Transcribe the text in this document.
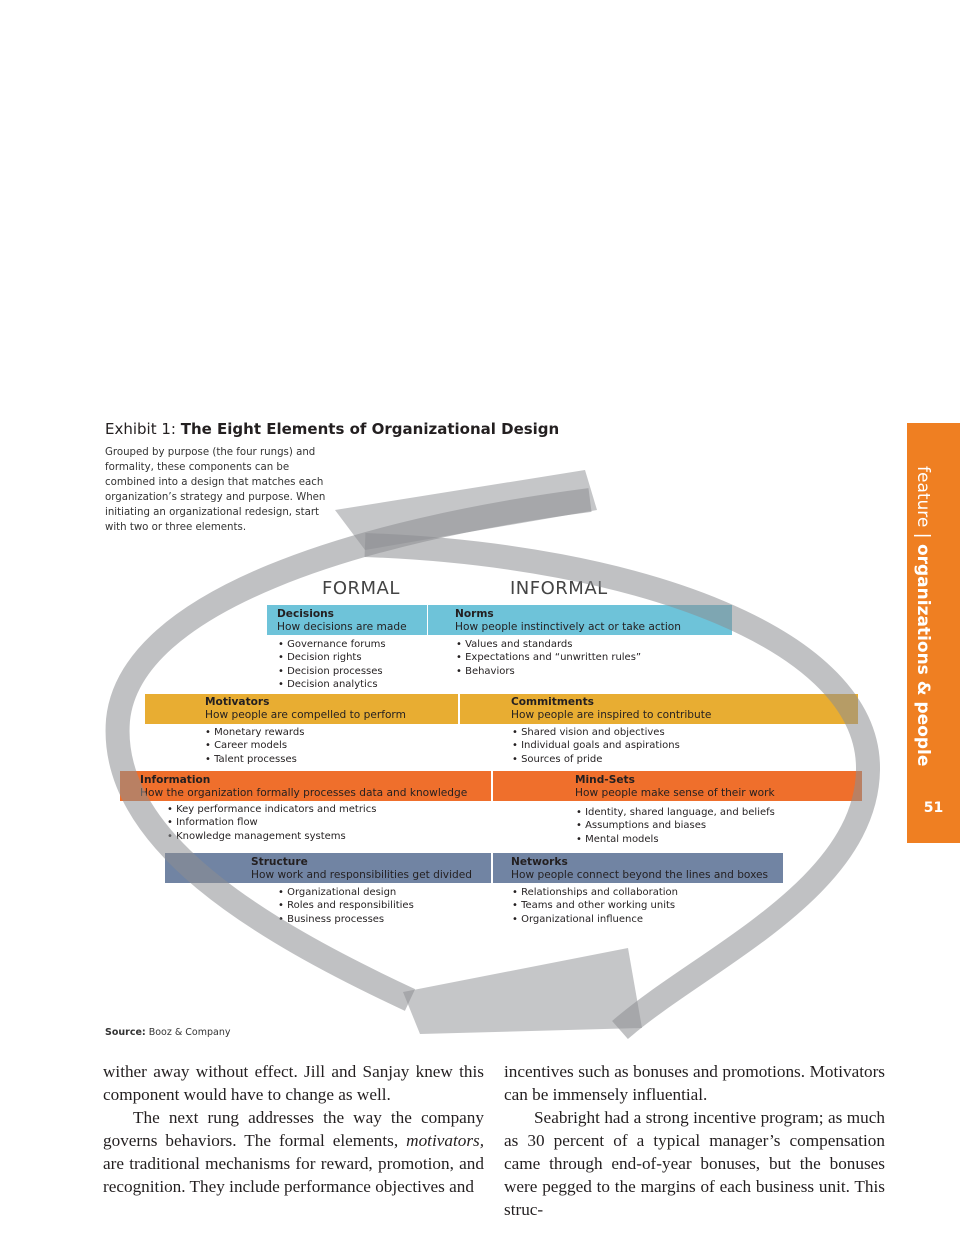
Exhibit 1: The Eight Elements of Organizational Design
Grouped by purpose (the four rungs) and formality, these components can be combined into a design that matches each organization’s strategy and purpose. When initiating an organizational redesign, start with two or three elements.
feature | organizations & people
51
FORMAL	INFORMAL
Decisions
How decisions are made
Norms
How people instinctively act or take action
Motivators
How people are compelled to perform
Commitments
How people are inspired to contribute
Information
How the organization formally processes data and knowledge
Mind-Sets
How people make sense of their work
Structure
How work and responsibilities get divided
Networks
How people connect beyond the lines and boxes
• Governance forums
• Decision rights
• Decision processes
• Decision analytics
• Values and standards
• Expectations and “unwritten rules”
• Behaviors
• Monetary rewards
• Career models
• Talent processes
• Shared vision and objectives
• Individual goals and aspirations
• Sources of pride
• Key performance indicators and metrics
• Information flow
• Knowledge management systems
• Identity, shared language, and beliefs
• Assumptions and biases
• Mental models
• Organizational design
• Roles and responsibilities
• Business processes
• Relationships and collaboration
• Teams and other working units
• Organizational influence
Source: Booz & Company

wither away without effect. Jill and Sanjay knew this component would have to change as well.

The next rung addresses the way the company governs behaviors. The formal elements, motivators, are traditional mechanisms for reward, promotion, and recognition. They include performance objectives and

incentives such as bonuses and promotions. Motivators can be immensely influential.

Seabright had a strong incentive program; as much as 30 percent of a typical manager’s compensation came through end-of-year bonuses, but the bonuses were pegged to the margins of each business unit. This struc-
